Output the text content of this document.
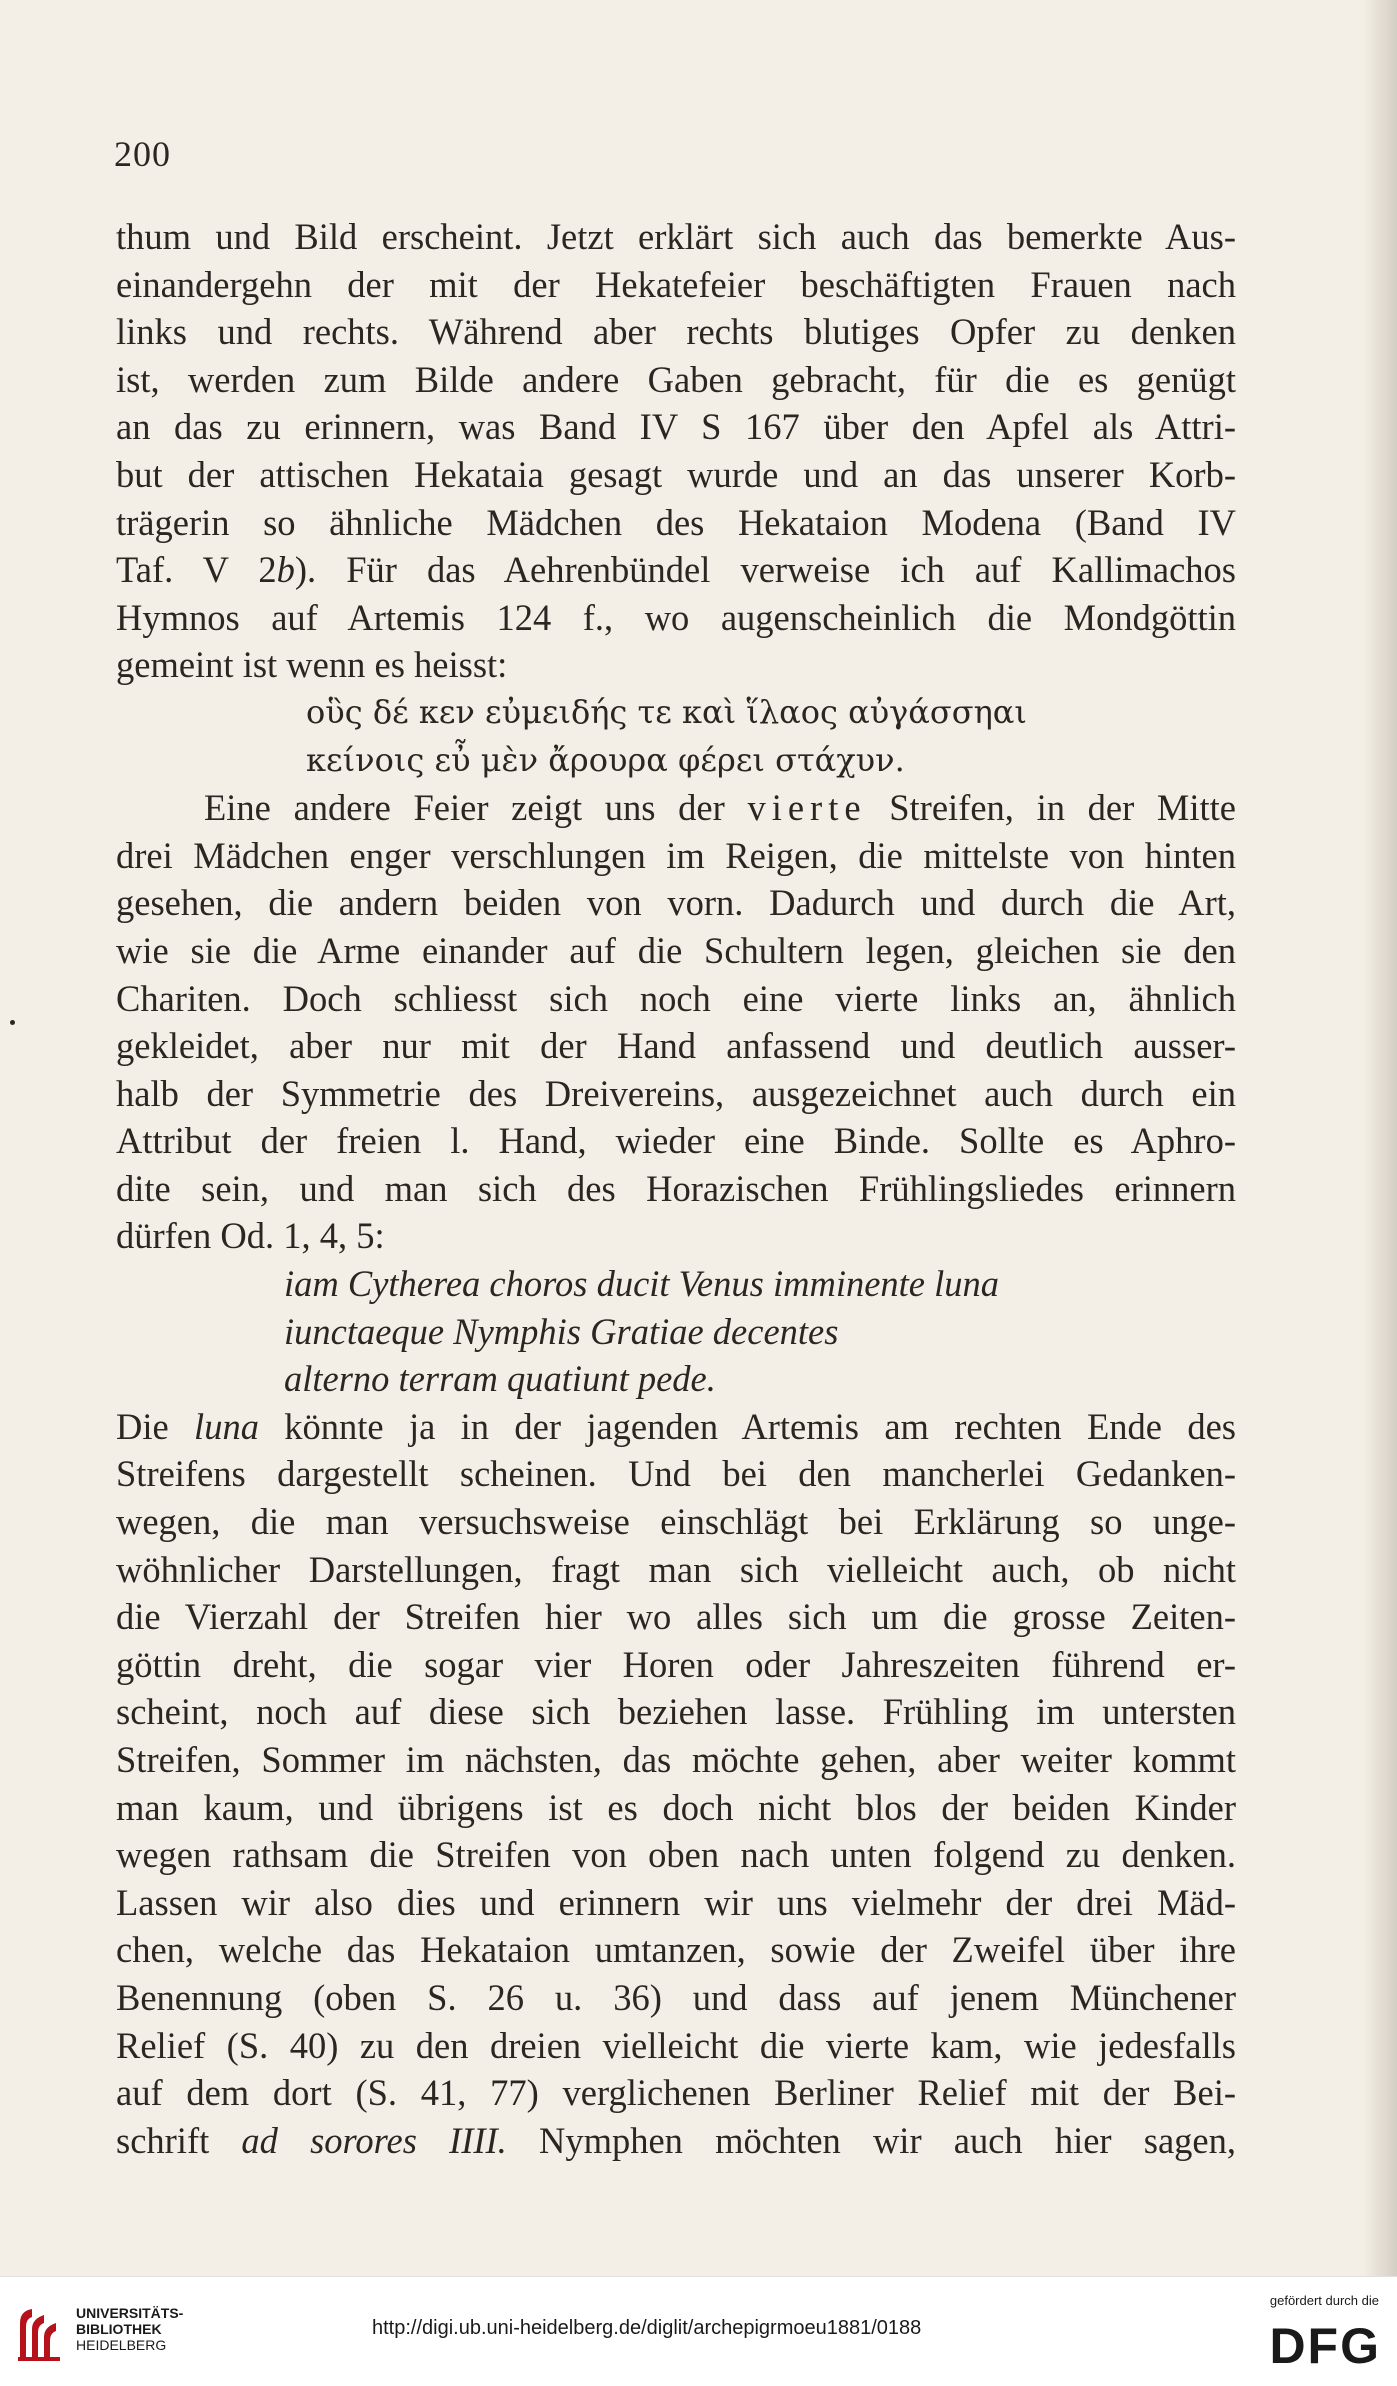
200
thum und Bild erscheint. Jetzt erklärt sich auch das bemerkte Aus-
einandergehn der mit der Hekatefeier beschäftigten Frauen nach
links und rechts. Während aber rechts blutiges Opfer zu denken
ist, werden zum Bilde andere Gaben gebracht, für die es genügt
an das zu erinnern, was Band IV S 167 über den Apfel als Attri-
but der attischen Hekataia gesagt wurde und an das unserer Korb-
trägerin so ähnliche Mädchen des Hekataion Modena (Band IV
Taf. V 2b). Für das Aehrenbündel verweise ich auf Kallimachos
Hymnos auf Artemis 124 f., wo augenscheinlich die Mondgöttin
gemeint ist wenn es heisst:
οὓς δέ κεν εὐμειδής τε καὶ ἵλαος αὐγάσσηαι
κείνοις εὖ μὲν ἄρουρα φέρει στάχυν.
Eine andere Feier zeigt uns der vierte Streifen, in der Mitte
drei Mädchen enger verschlungen im Reigen, die mittelste von hinten
gesehen, die andern beiden von vorn. Dadurch und durch die Art,
wie sie die Arme einander auf die Schultern legen, gleichen sie den
Chariten. Doch schliesst sich noch eine vierte links an, ähnlich
gekleidet, aber nur mit der Hand anfassend und deutlich ausser-
halb der Symmetrie des Dreivereins, ausgezeichnet auch durch ein
Attribut der freien l. Hand, wieder eine Binde. Sollte es Aphro-
dite sein, und man sich des Horazischen Frühlingsliedes erinnern
dürfen Od. 1, 4, 5:
iam Cytherea choros ducit Venus imminente luna
iunctaeque Nymphis Gratiae decentes
alterno terram quatiunt pede.
Die luna könnte ja in der jagenden Artemis am rechten Ende des
Streifens dargestellt scheinen. Und bei den mancherlei Gedanken-
wegen, die man versuchsweise einschlägt bei Erklärung so unge-
wöhnlicher Darstellungen, fragt man sich vielleicht auch, ob nicht
die Vierzahl der Streifen hier wo alles sich um die grosse Zeiten-
göttin dreht, die sogar vier Horen oder Jahreszeiten führend er-
scheint, noch auf diese sich beziehen lasse. Frühling im untersten
Streifen, Sommer im nächsten, das möchte gehen, aber weiter kommt
man kaum, und übrigens ist es doch nicht blos der beiden Kinder
wegen rathsam die Streifen von oben nach unten folgend zu denken.
Lassen wir also dies und erinnern wir uns vielmehr der drei Mäd-
chen, welche das Hekataion umtanzen, sowie der Zweifel über ihre
Benennung (oben S. 26 u. 36) und dass auf jenem Münchener
Relief (S. 40) zu den dreien vielleicht die vierte kam, wie jedesfalls
auf dem dort (S. 41, 77) verglichenen Berliner Relief mit der Bei-
schrift ad sorores IIII. Nymphen möchten wir auch hier sagen,
UNIVERSITÄTS-
BIBLIOTHEK
HEIDELBERG
http://digi.ub.uni-heidelberg.de/diglit/archepigrmoeu1881/0188
gefördert durch die
DFG
